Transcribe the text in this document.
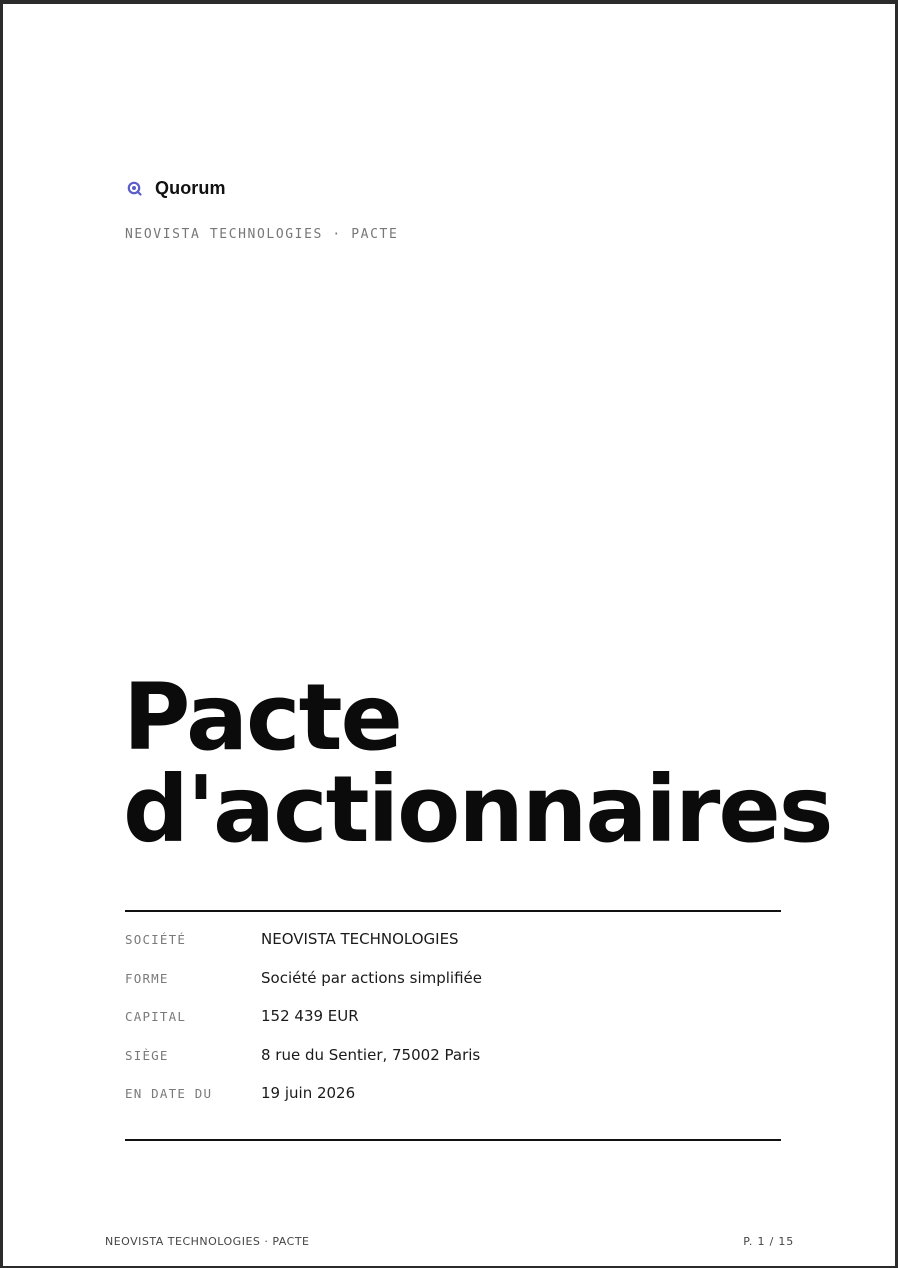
Quorum
NEOVISTA TECHNOLOGIES · PACTE
Pacte
d'actionnaires
SOCIÉTÉ	NEOVISTA TECHNOLOGIES
FORME	Société par actions simplifiée
CAPITAL	152 439 EUR
SIÈGE	8 rue du Sentier, 75002 Paris
EN DATE DU	19 juin 2026
NEOVISTA TECHNOLOGIES · PACTE	P. 1 / 15
